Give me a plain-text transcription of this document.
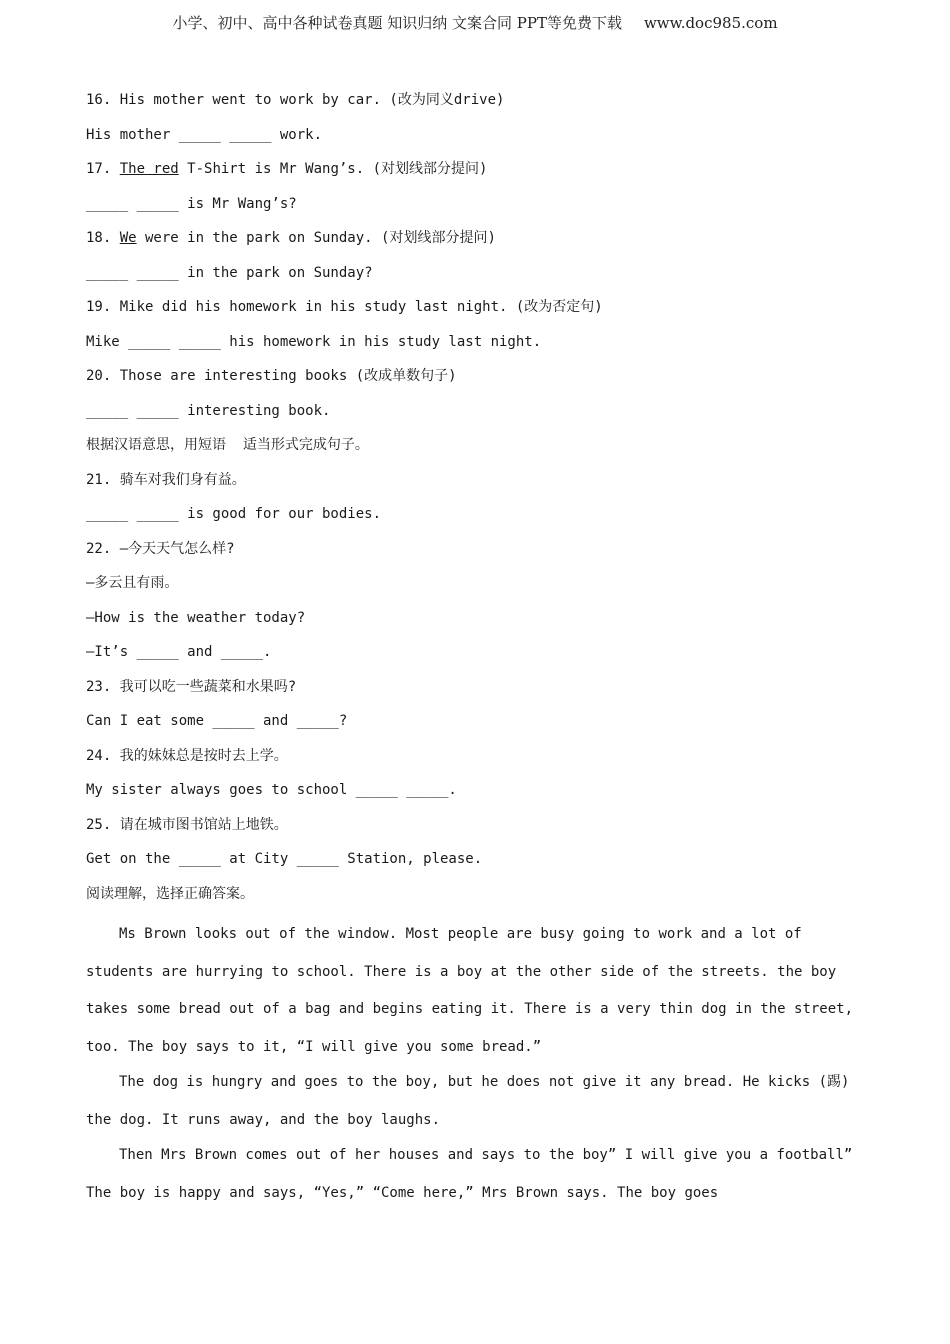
小学、初中、高中各种试卷真题 知识归纳 文案合同 PPT等免费下载 www.doc985.com
16. His mother went to work by car. (改为同义drive)
His mother _____ _____ work.
17. The red T-Shirt is Mr Wang’s. (对划线部分提问)
_____ _____ is Mr Wang’s?
18. We were in the park on Sunday. (对划线部分提问)
_____ _____ in the park on Sunday?
19. Mike did his homework in his study last night. (改为否定句)
Mike _____ _____ his homework in his study last night.
20. Those are interesting books (改成单数句子)
_____ _____ interesting book.
根据汉语意思，用短语  适当形式完成句子。
21. 骑车对我们身有益。
_____ _____ is good for our bodies.
22. —今天天气怎么样?
—多云且有雨。
—How is the weather today?
—It’s _____ and _____.
23. 我可以吃一些蔬菜和水果吗?
Can I eat some _____ and _____?
24. 我的妹妹总是按时去上学。
My sister always goes to school _____ _____.
25. 请在城市图书馆站上地铁。
Get on the _____ at City _____ Station, please.
阅读理解，选择正确答案。

Ms Brown looks out of the window. Most people are busy going to work and a lot of students are hurrying to school. There is a boy at the other side of the streets. the boy takes some bread out of a bag and begins eating it. There is a very thin dog in the street, too. The boy says to it, “I will give you some bread.”

The dog is hungry and goes to the boy, but he does not give it any bread. He kicks (踢) the dog. It runs away, and the boy laughs.

Then Mrs Brown comes out of her houses and says to the boy” I will give you a football” The boy is happy and says, “Yes,” “Come here,” Mrs Brown says. The boy goes
